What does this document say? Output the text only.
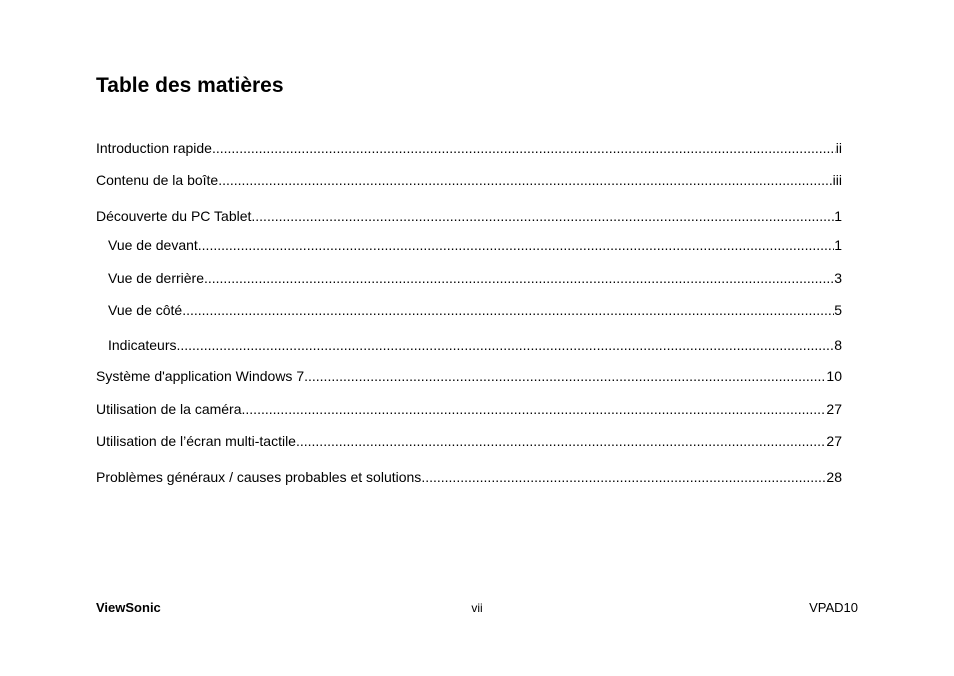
Table des matières
Introduction rapide .....	ii
Contenu de la boîte .....	iii
Découverte du PC Tablet .....	1
Vue de devant .....	1
Vue de derrière .....	3
Vue de côté .....	5
Indicateurs .....	8
Système d'application Windows 7 .....	10
Utilisation de la caméra .....	27
Utilisation de l’écran multi-tactile .....	27
Problèmes généraux / causes probables et solutions .....	28
ViewSonic	vii	VPAD10
